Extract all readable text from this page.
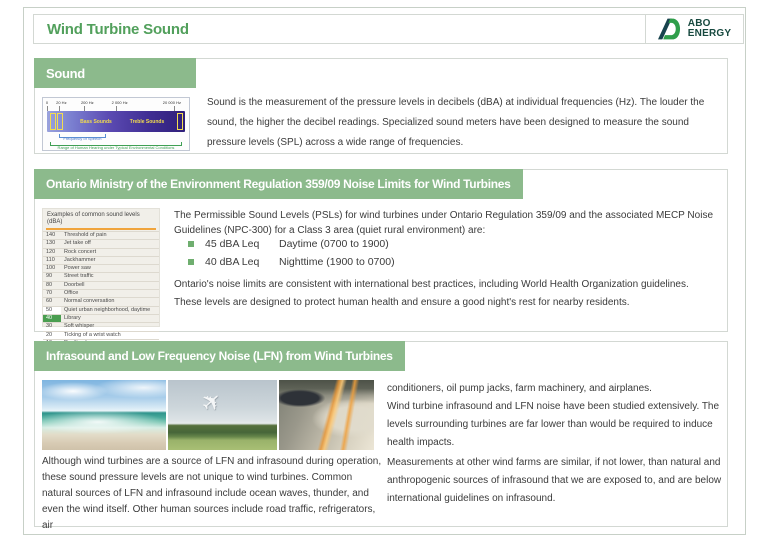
Wind Turbine Sound	ABO
ENERGY
Sound
0 20 Hz	200 Hz	2 000 Hz	20 000 Hz
Bass Sounds	Treble Sounds
Frequency of Speech
Range of Human Hearing under Typical Environmental Conditions
Sound is the measurement of the pressure levels in decibels (dBA) at individual frequencies (Hz). The louder the sound, the higher the decibel readings. Specialized sound meters have been designed to measure the sound pressure levels (SPL) across a wide range of frequencies.
Ontario Ministry of the Environment Regulation 359/09 Noise Limits for Wind Turbines
Examples of common sound levels (dBA)
140	Threshold of pain
130	Jet take off
120	Rock concert
110	Jackhammer
100	Power saw
90	Street traffic
80	Doorbell
70	Office
60	Normal conversation
50	Quiet urban neighborhood, daytime
40	Library
30	Soft whisper
20	Ticking of a wrist watch
The Permissible Sound Levels (PSLs) for wind turbines under Ontario Regulation 359/09 and the associated MECP Noise Guidelines (NPC-300) for a Class 3 area (quiet rural environment) are:
45 dBA Leq	Daytime (0700 to 1900)
40 dBA Leq	Nighttime (1900 to 0700)
Ontario's noise limits are consistent with international best practices, including World Health Organization guidelines.
These levels are designed to protect human health and ensure a good night's rest for nearby residents.
Infrasound and Low Frequency Noise (LFN) from Wind Turbines
✈	conditioners, oil pump jacks, farm machinery, and airplanes.
Wind turbine infrasound and LFN noise have been studied extensively. The levels surrounding turbines are far lower than would be required to induce health impacts.
Measurements at other wind farms are similar, if not lower, than natural and anthropogenic sources of infrasound that we are exposed to, and are below international guidelines on infrasound.
Although wind turbines are a source of LFN and infrasound during operation, these sound pressure levels are not unique to wind turbines. Common natural sources of LFN and infrasound include ocean waves, thunder, and even the wind itself. Other human sources include road traffic, refrigerators, air
